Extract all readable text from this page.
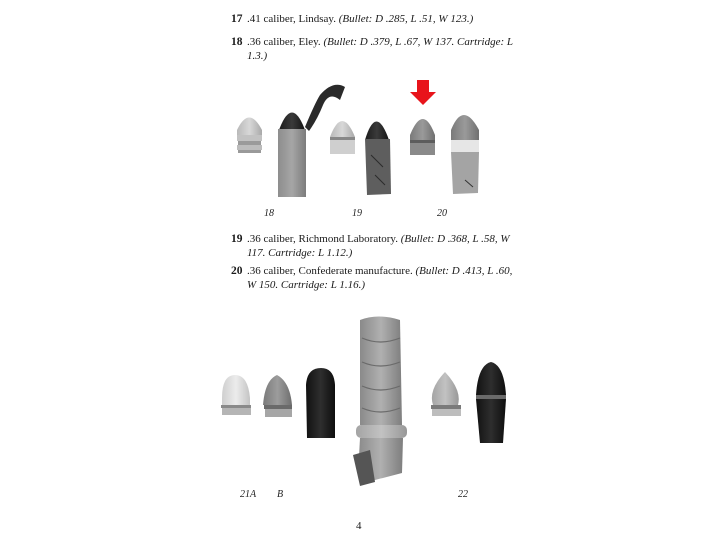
17 .41 caliber, Lindsay. (Bullet: D .285, L .51, W 123.)
18 .36 caliber, Eley. (Bullet: D .379, L .67, W 137. Cartridge: L 1.3.)
18	19	20
19 .36 caliber, Richmond Laboratory. (Bullet: D .368, L .58, W 117. Cartridge: L 1.12.)
20 .36 caliber, Confederate manufacture. (Bullet: D .413, L .60, W 150. Cartridge: L 1.16.)
21A B	22
4
